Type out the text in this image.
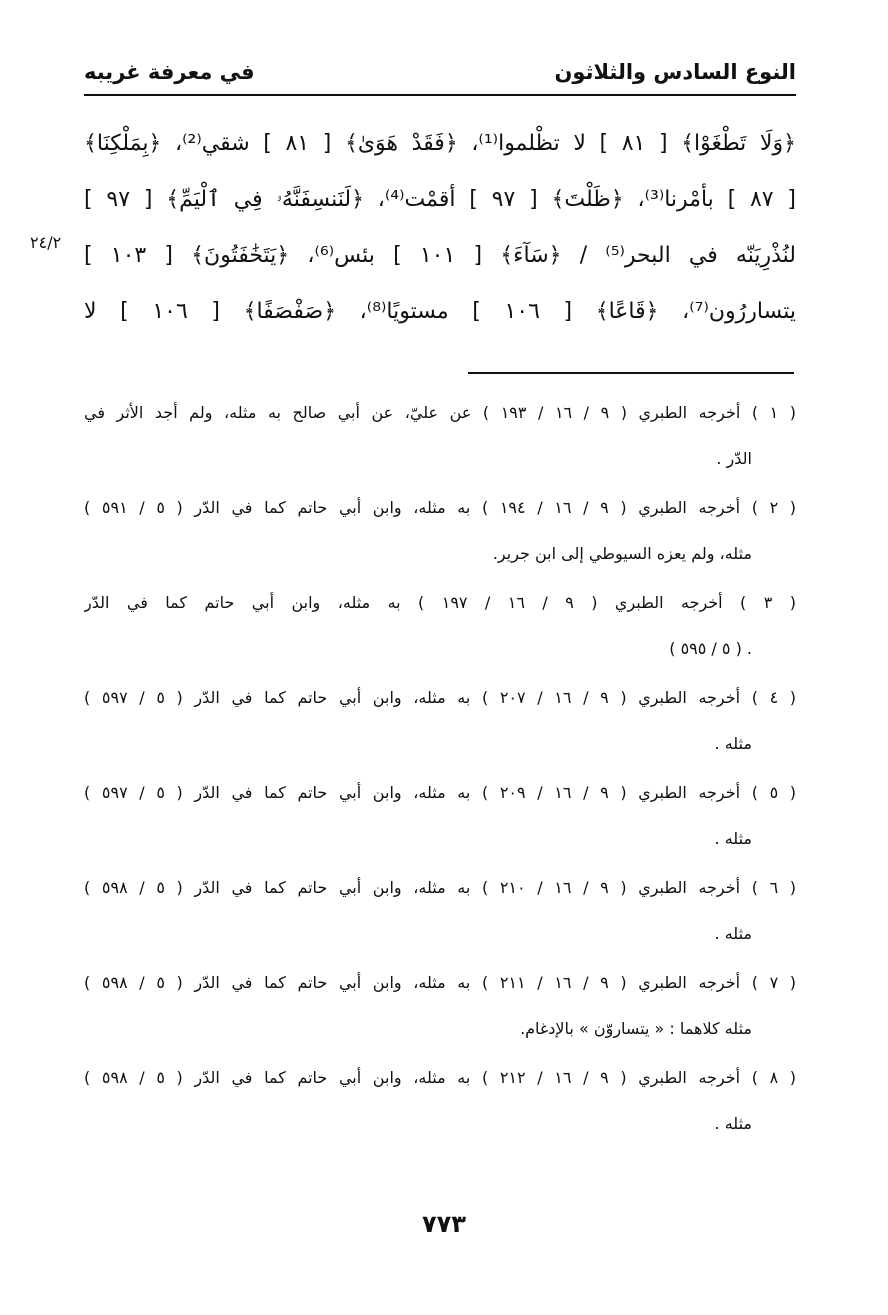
النوع السادس والثلاثون
في معرفة غريبه
﴿وَلَا تَطْغَوْا﴾ [ ٨١ ] لا تظْلموا⁽¹⁾، ﴿فَقَدْ هَوَىٰ﴾ [ ٨١ ] شقي⁽²⁾، ﴿بِمَلْكِنَا﴾
[ ٨٧ ] بأمْرنا⁽³⁾، ﴿ظَلْتَ﴾ [ ٩٧ ] أقمْت⁽⁴⁾، ﴿لَنَنسِفَنَّهُۥ فِي ٱلْيَمِّ﴾ [ ٩٧ ]
لنُذْرِيَنّه في البحر⁽⁵⁾ / ﴿سَآءَ﴾ [ ١٠١ ] بئس⁽⁶⁾، ﴿يَتَخَٰفَتُونَ﴾ [ ١٠٣ ]
يتساررُون⁽⁷⁾، ﴿قَاعًا﴾ [ ١٠٦ ] مستويًا⁽⁸⁾، ﴿صَفْصَفًا﴾ [ ١٠٦ ] لا
٢٤/٢
( ١ ) أخرجه الطبري ( ٩ / ١٦ / ١٩٣ ) عن عليّ، عن أبي صالح به مثله، ولم أجد الأثر في
الدّر .
( ٢ ) أخرجه الطبري ( ٩ / ١٦ / ١٩٤ ) به مثله، وابن أبي حاتم كما في الدّر ( ٥ / ٥٩١ )
مثله، ولم يعزه السيوطي إلى ابن جرير.
( ٣ ) أخرجه الطبري ( ٩ / ١٦ / ١٩٧ ) به مثله، وابن أبي حاتم كما في الدّر
. ( ٥ / ٥٩٥ )
( ٤ ) أخرجه الطبري ( ٩ / ١٦ / ٢٠٧ ) به مثله، وابن أبي حاتم كما في الدّر ( ٥ / ٥٩٧ )
مثله .
( ٥ ) أخرجه الطبري ( ٩ / ١٦ / ٢٠٩ ) به مثله، وابن أبي حاتم كما في الدّر ( ٥ / ٥٩٧ )
مثله .
( ٦ ) أخرجه الطبري ( ٩ / ١٦ / ٢١٠ ) به مثله، وابن أبي حاتم كما في الدّر ( ٥ / ٥٩٨ )
مثله .
( ٧ ) أخرجه الطبري ( ٩ / ١٦ / ٢١١ ) به مثله، وابن أبي حاتم كما في الدّر ( ٥ / ٥٩٨ )
مثله كلاهما : « يتساروّن » بالإدغام.
( ٨ ) أخرجه الطبري ( ٩ / ١٦ / ٢١٢ ) به مثله، وابن أبي حاتم كما في الدّر ( ٥ / ٥٩٨ )
مثله .
٧٧٣
